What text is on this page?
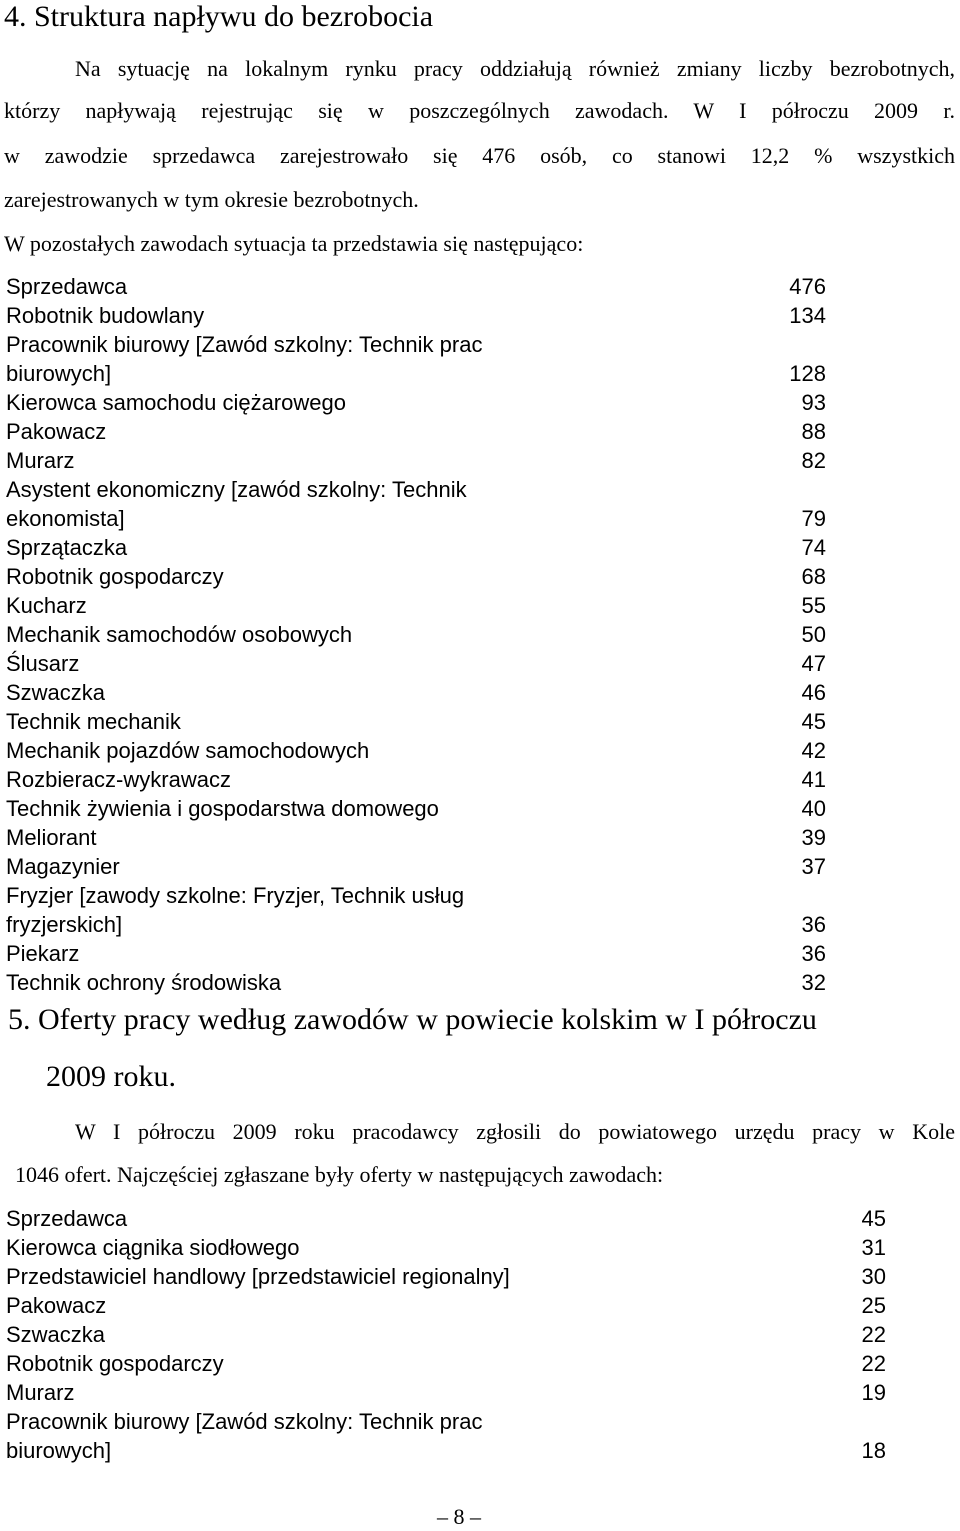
4. Struktura napływu do bezrobocia
Na sytuację na lokalnym rynku pracy oddziałują również zmiany liczby bezrobotnych,
którzy napływają rejestrując się w poszczególnych zawodach. W I półroczu 2009 r.
w zawodzie sprzedawca zarejestrowało się 476 osób, co stanowi 12,2 % wszystkich
zarejestrowanych w tym okresie bezrobotnych.
W pozostałych zawodach sytuacja ta przedstawia się następująco:
Sprzedawca	476
Robotnik budowlany	134
Pracownik biurowy [Zawód szkolny: Technik prac
biurowych]	128
Kierowca samochodu ciężarowego	93
Pakowacz	88
Murarz	82
Asystent ekonomiczny [zawód szkolny: Technik
ekonomista]	79
Sprzątaczka	74
Robotnik gospodarczy	68
Kucharz	55
Mechanik samochodów osobowych	50
Ślusarz	47
Szwaczka	46
Technik mechanik	45
Mechanik pojazdów samochodowych	42
Rozbieracz-wykrawacz	41
Technik żywienia i gospodarstwa domowego	40
Meliorant	39
Magazynier	37
Fryzjer [zawody szkolne: Fryzjer, Technik usług
fryzjerskich]	36
Piekarz	36
Technik ochrony środowiska	32
5. Oferty pracy według zawodów w powiecie kolskim w I półroczu
2009 roku.
W I półroczu 2009 roku pracodawcy zgłosili do powiatowego urzędu pracy w Kole
1046 ofert. Najczęściej zgłaszane były oferty w następujących zawodach:
Sprzedawca	45
Kierowca ciągnika siodłowego	31
Przedstawiciel handlowy [przedstawiciel regionalny]	30
Pakowacz	25
Szwaczka	22
Robotnik gospodarczy	22
Murarz	19
Pracownik biurowy [Zawód szkolny: Technik prac
biurowych]	18
– 8 –
